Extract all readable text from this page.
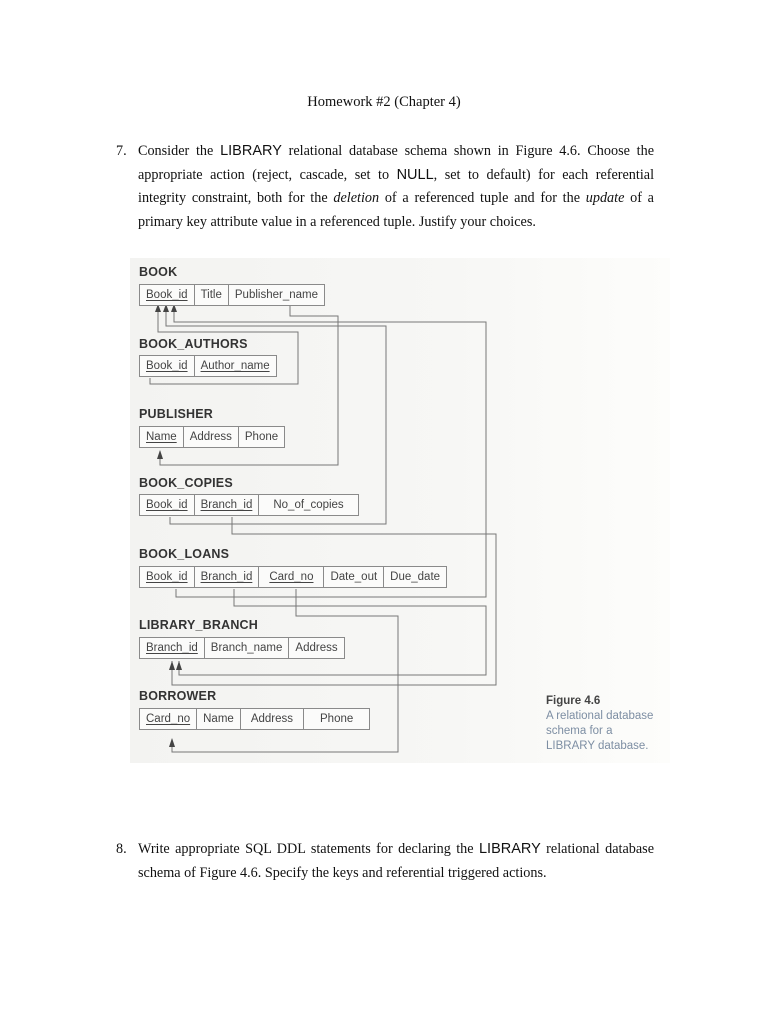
Homework #2 (Chapter 4)
7. Consider the LIBRARY relational database schema shown in Figure 4.6. Choose the appropriate action (reject, cascade, set to NULL, set to default) for each referential integrity constraint, both for the deletion of a referenced tuple and for the update of a primary key attribute value in a referenced tuple. Justify your choices.
BOOK
Book_id	Title	Publisher_name
BOOK_AUTHORS
Book_id	Author_name
PUBLISHER
Name	Address	Phone
BOOK_COPIES
Book_id	Branch_id	No_of_copies
BOOK_LOANS
Book_id	Branch_id	Card_no	Date_out	Due_date
LIBRARY_BRANCH
Branch_id	Branch_name	Address
BORROWER
Card_no	Name	Address	Phone
Figure 4.6
A relational database
schema for a
LIBRARY database.
8. Write appropriate SQL DDL statements for declaring the LIBRARY relational database schema of Figure 4.6. Specify the keys and referential triggered actions.
